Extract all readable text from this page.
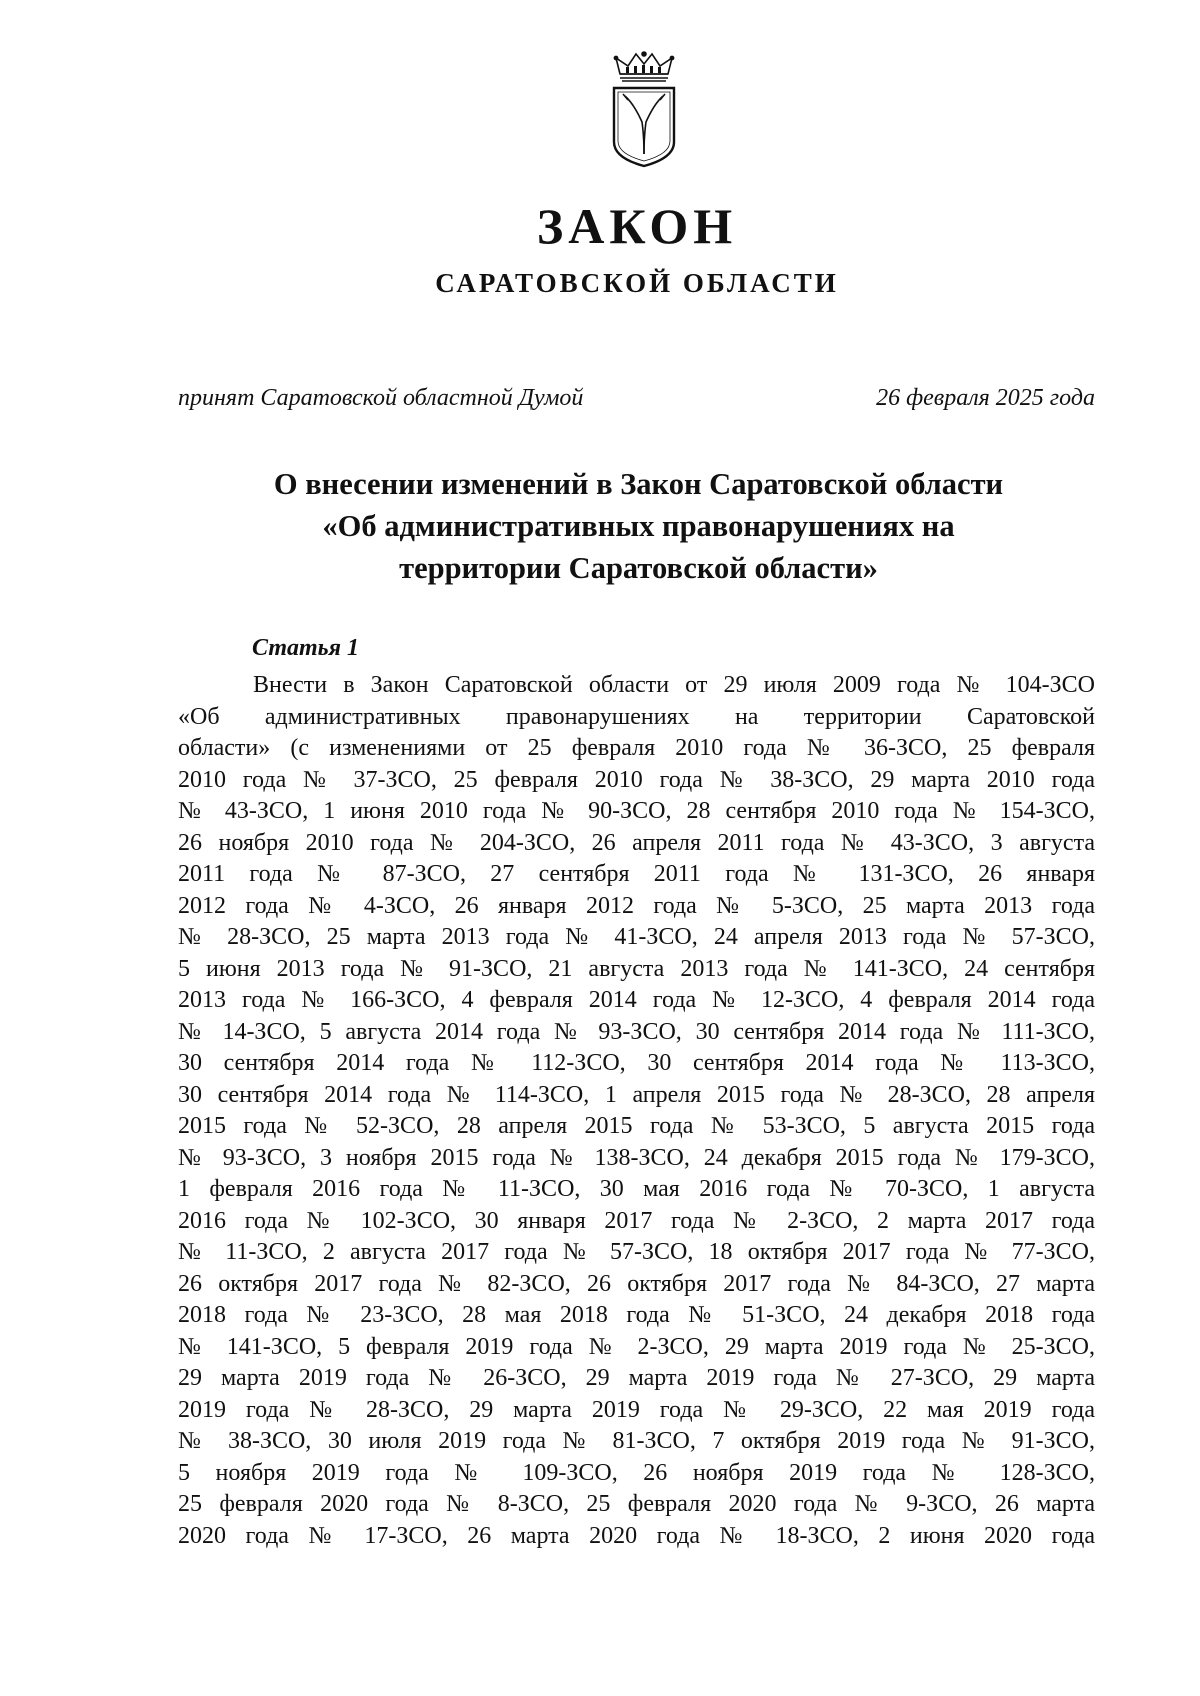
ЗАКОН
САРАТОВСКОЙ ОБЛАСТИ
принят Саратовской областной Думой	26 февраля 2025 года
О внесении изменений в Закон Саратовской области
«Об административных правонарушениях на
территории Саратовской области»
Статья 1
Внести в Закон Саратовской области от 29 июля 2009 года № 104-ЗСО
«Об административных правонарушениях на территории Саратовской
области» (с изменениями от 25 февраля 2010 года № 36-ЗСО, 25 февраля
2010 года № 37-ЗСО, 25 февраля 2010 года № 38-ЗСО, 29 марта 2010 года
№ 43-ЗСО, 1 июня 2010 года № 90-ЗСО, 28 сентября 2010 года № 154-ЗСО,
26 ноября 2010 года № 204-ЗСО, 26 апреля 2011 года № 43-ЗСО, 3 августа
2011 года № 87-ЗСО, 27 сентября 2011 года № 131-ЗСО, 26 января
2012 года № 4-ЗСО, 26 января 2012 года № 5-ЗСО, 25 марта 2013 года
№ 28-ЗСО, 25 марта 2013 года № 41-ЗСО, 24 апреля 2013 года № 57-ЗСО,
5 июня 2013 года № 91-ЗСО, 21 августа 2013 года № 141-ЗСО, 24 сентября
2013 года № 166-ЗСО, 4 февраля 2014 года № 12-ЗСО, 4 февраля 2014 года
№ 14-ЗСО, 5 августа 2014 года № 93-ЗСО, 30 сентября 2014 года № 111-ЗСО,
30 сентября 2014 года № 112-ЗСО, 30 сентября 2014 года № 113-ЗСО,
30 сентября 2014 года № 114-ЗСО, 1 апреля 2015 года № 28-ЗСО, 28 апреля
2015 года № 52-ЗСО, 28 апреля 2015 года № 53-ЗСО, 5 августа 2015 года
№ 93-ЗСО, 3 ноября 2015 года № 138-ЗСО, 24 декабря 2015 года № 179-ЗСО,
1 февраля 2016 года № 11-ЗСО, 30 мая 2016 года № 70-ЗСО, 1 августа
2016 года № 102-ЗСО, 30 января 2017 года № 2-ЗСО, 2 марта 2017 года
№ 11-ЗСО, 2 августа 2017 года № 57-ЗСО, 18 октября 2017 года № 77-ЗСО,
26 октября 2017 года № 82-ЗСО, 26 октября 2017 года № 84-ЗСО, 27 марта
2018 года № 23-ЗСО, 28 мая 2018 года № 51-ЗСО, 24 декабря 2018 года
№ 141-ЗСО, 5 февраля 2019 года № 2-ЗСО, 29 марта 2019 года № 25-ЗСО,
29 марта 2019 года № 26-ЗСО, 29 марта 2019 года № 27-ЗСО, 29 марта
2019 года № 28-ЗСО, 29 марта 2019 года № 29-ЗСО, 22 мая 2019 года
№ 38-ЗСО, 30 июля 2019 года № 81-ЗСО, 7 октября 2019 года № 91-ЗСО,
5 ноября 2019 года № 109-ЗСО, 26 ноября 2019 года № 128-ЗСО,
25 февраля 2020 года № 8-ЗСО, 25 февраля 2020 года № 9-ЗСО, 26 марта
2020 года № 17-ЗСО, 26 марта 2020 года № 18-ЗСО, 2 июня 2020 года
